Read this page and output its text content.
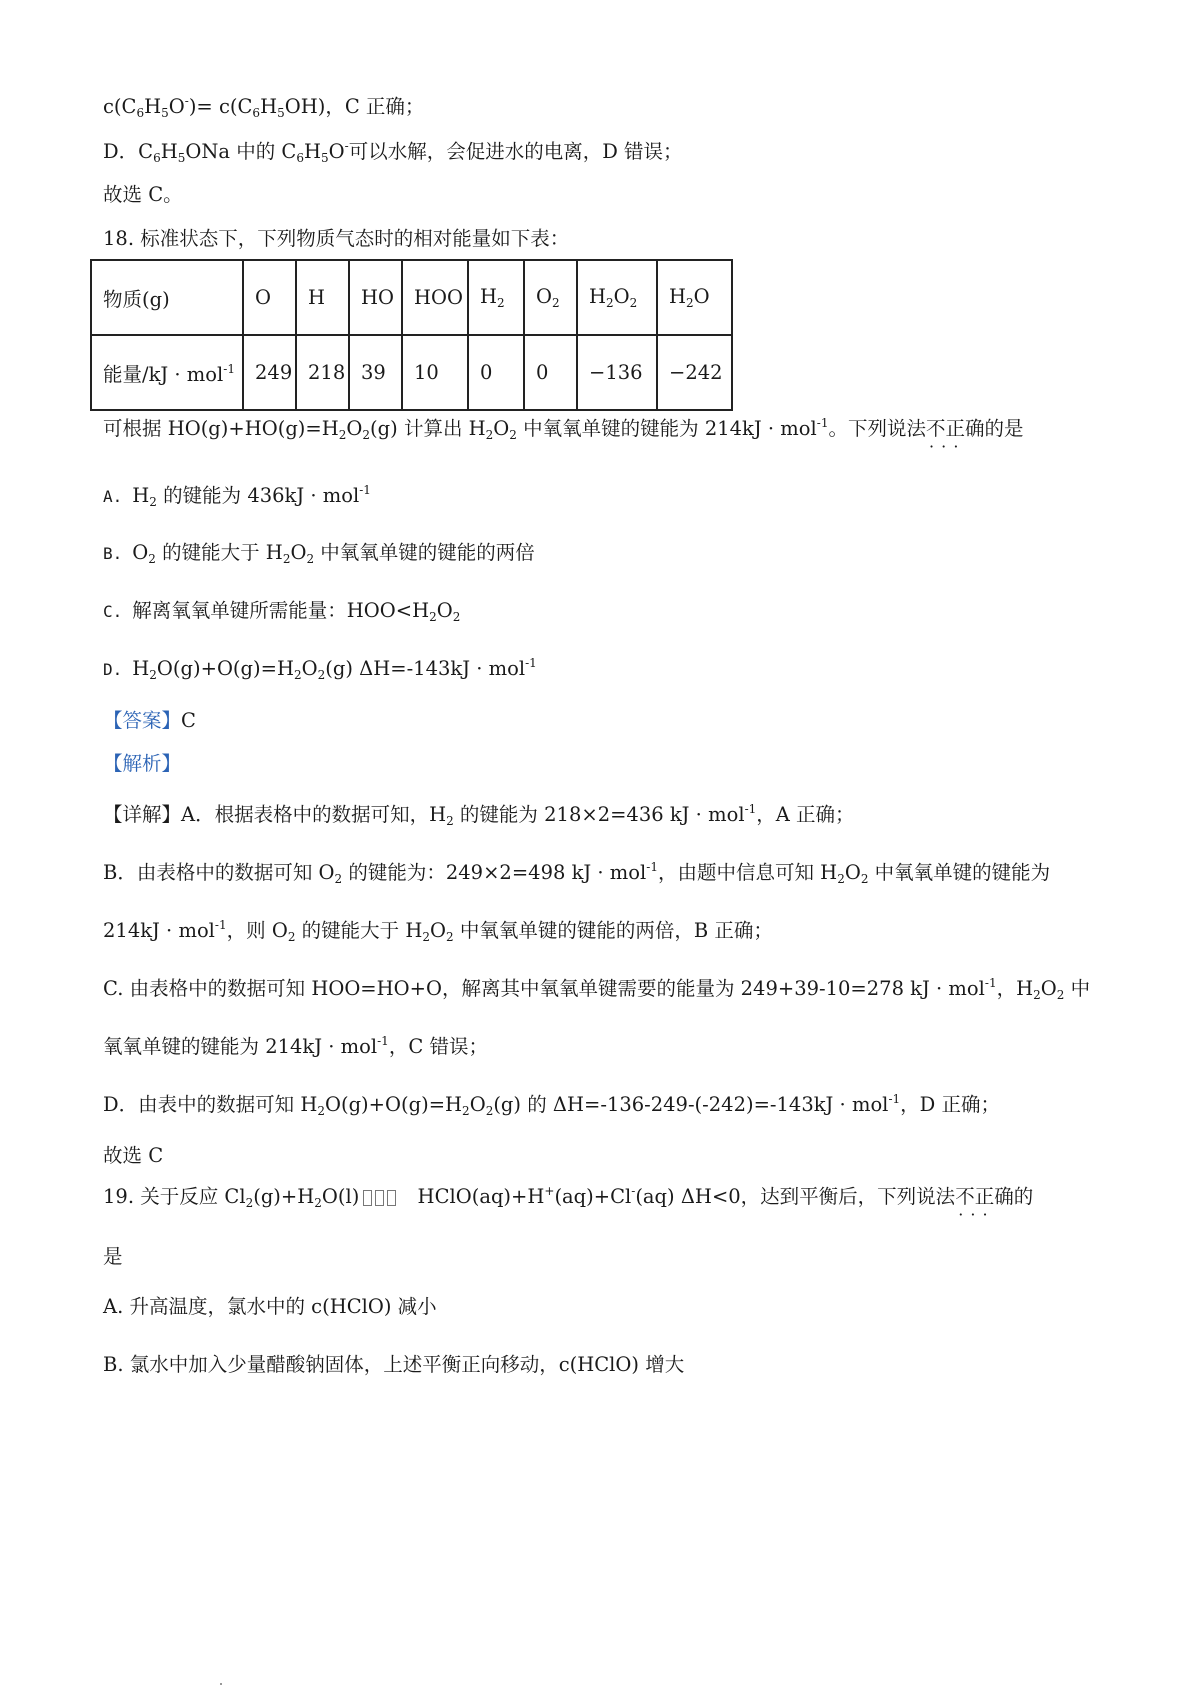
$c(C_6H_5O^-)= c(C_6H_5OH)$，C 正确；
D．$C_6H_5ONa$ 中的 $C_6H_5O^-$可以水解，会促进水的电离，D 错误；
故选 C。
18. 标准状态下，下列物质气态时的相对能量如下表：
物质(g)	O	H	HO	HOO	$H_2$	$O_2$	$H_2O_2$	$H_2O$
能量/kJ · mol$^{-1}$	249	218	39	10	0	0	−136	−242
可根据 $HO(g)+HO(g)=H_2O_2(g)$ 计算出 $H_2O_2$ 中氧氧单键的键能为 214kJ · mol$^{-1}$。下列说法不正确 · · ·的是
A. $H_2$ 的键能为 436kJ · mol$^{-1}$
B. $O_2$ 的键能大于 $H_2O_2$ 中氧氧单键的键能的两倍
C. 解离氧氧单键所需能量：$HOO<H_2O_2$
D. $H_2O(g)+O(g)=H_2O_2(g) \Delta H=-143kJ \cdot mol^{-1}$
【答案】C
【解析】
【详解】A．根据表格中的数据可知，$H_2$ 的键能为 218×2=436 kJ · mol$^{-1}$，A 正确；
B．由表格中的数据可知 $O_2$ 的键能为：249×2=498 kJ · mol$^{-1}$，由题中信息可知 $H_2O_2$ 中氧氧单键的键能为
214kJ · mol$^{-1}$，则 $O_2$ 的键能大于 $H_2O_2$ 中氧氧单键的键能的两倍，B 正确；
C. 由表格中的数据可知 HOO=HO+O，解离其中氧氧单键需要的能量为 249+39-10=278 kJ · mol$^{-1}$，$H_2O_2$ 中
氧氧单键的键能为 214kJ · mol$^{-1}$，C 错误；
D．由表中的数据可知 $H_2O(g)+O(g)=H_2O_2(g)$ 的 ΔH=-136-249-(-242)=-143kJ · mol$^{-1}$，D 正确；
故选 C
19. 关于反应 $Cl_2(g)+H_2O(l)$	HClO(aq)+H+(aq)+Cl-(aq) ΔH<0，达到平衡后，下列说法不正确 · · ·的
是
A. 升高温度，氯水中的 c(HClO) 减小
B. 氯水中加入少量醋酸钠固体，上述平衡正向移动，c(HClO) 增大
